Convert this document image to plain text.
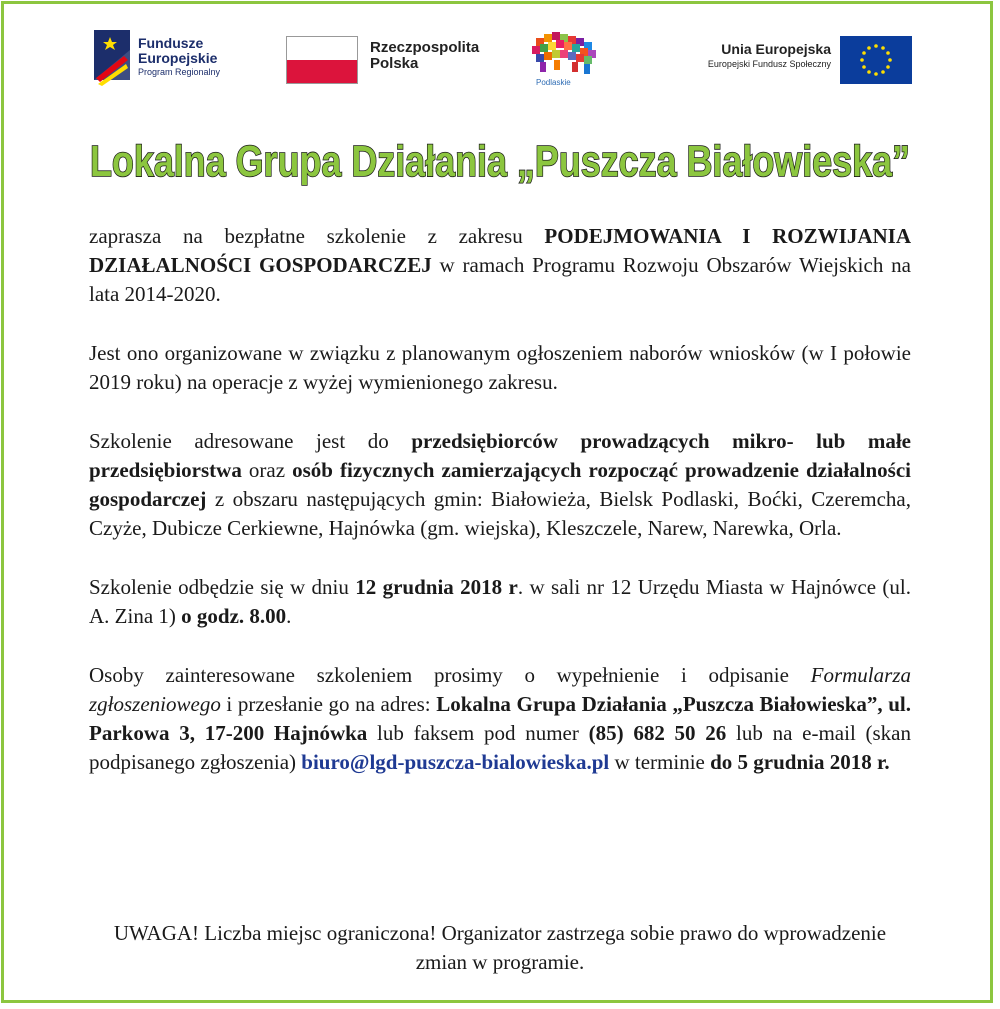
Fundusze
Europejskie
Program Regionalny
Rzeczpospolita
Polska
Podlaskie
Unia Europejska
Europejski Fundusz Społeczny
Lokalna Grupa Działania „Puszcza Białowieska”

zaprasza na bezpłatne szkolenie z zakresu PODEJMOWANIA I ROZWIJANIA DZIAŁALNOŚCI GOSPODARCZEJ w ramach Programu Rozwoju Obszarów Wiejskich na lata 2014-2020.

Jest ono organizowane w związku z planowanym ogłoszeniem naborów wniosków (w I połowie 2019 roku) na operacje z wyżej wymienionego zakresu.

Szkolenie adresowane jest do przedsiębiorców prowadzących mikro- lub małe przedsiębiorstwa oraz osób fizycznych zamierzających rozpocząć prowadzenie działalności gospodarczej z obszaru następujących gmin: Białowieża, Bielsk Podlaski, Boćki, Czeremcha, Czyże, Dubicze Cerkiewne, Hajnówka (gm. wiejska), Kleszczele, Narew, Narewka, Orla.

Szkolenie odbędzie się w dniu 12 grudnia 2018 r. w sali nr 12 Urzędu Miasta w Hajnówce (ul. A. Zina 1) o godz. 8.00.

Osoby zainteresowane szkoleniem prosimy o wypełnienie i odpisanie Formularza zgłoszeniowego i przesłanie go na adres: Lokalna Grupa Działania „Puszcza Białowieska”, ul. Parkowa 3, 17-200 Hajnówka lub faksem pod numer (85) 682 50 26 lub na e-mail (skan podpisanego zgłoszenia) biuro@lgd-puszcza-bialowieska.pl w terminie do 5 grudnia 2018 r.

UWAGA! Liczba miejsc ograniczona! Organizator zastrzega sobie prawo do wprowadzenie zmian w programie.
